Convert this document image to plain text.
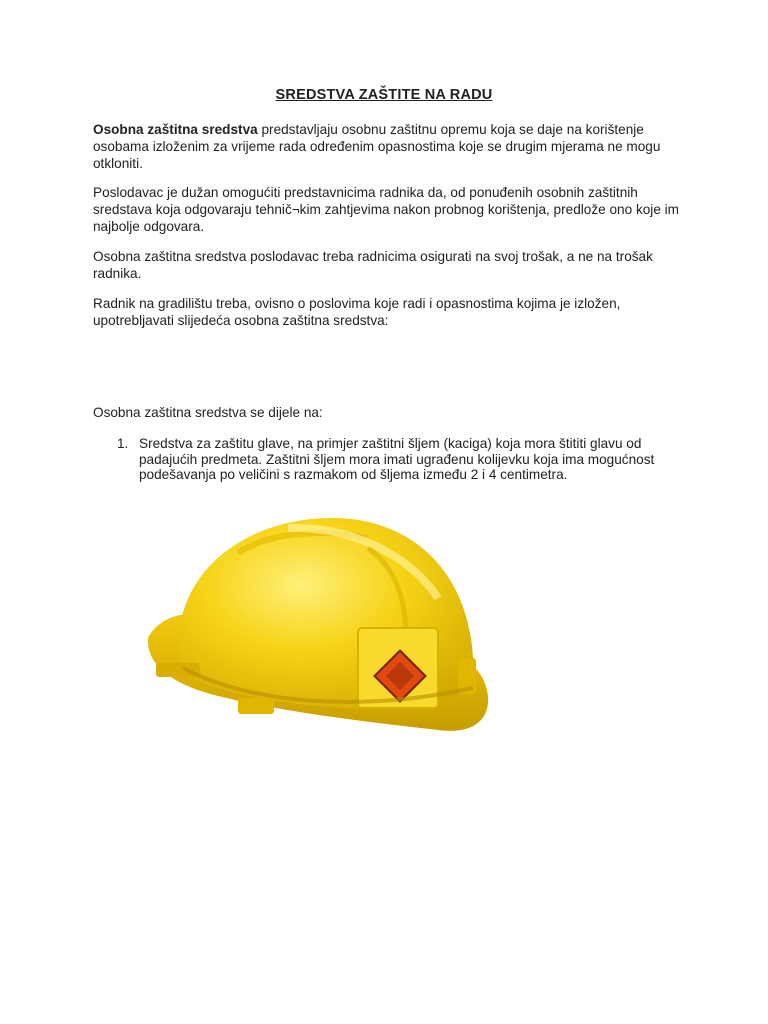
SREDSTVA ZAŠTITE NA RADU
Osobna zaštitna sredstva predstavljaju osobnu zaštitnu opremu koja se daje na korištenje osobama izloženim za vrijeme rada određenim opasnostima koje se drugim mjerama ne mogu otkloniti.
Poslodavac je dužan omogućiti predstavnicima radnika da, od ponuđenih osobnih zaštitnih sredstava koja odgovaraju tehnič¬kim zahtjevima nakon probnog korištenja, predlože ono koje im najbolje odgovara.
Osobna zaštitna sredstva poslodavac treba radnicima osigurati na svoj trošak, a ne na trošak radnika.
Radnik na gradilištu treba, ovisno o poslovima koje radi i opasnostima kojima je izložen, upotrebljavati slijedeća osobna zaštitna sredstva:
Osobna zaštitna sredstva se dijele na:
1. Sredstva za zaštitu glave, na primjer zaštitni šljem (kaciga) koja mora štititi glavu od padajućih predmeta. Zaštitni šljem mora imati ugrađenu kolijevku koja ima mogućnost podešavanja po veličini s razmakom od šljema između 2 i 4 centimetra.
